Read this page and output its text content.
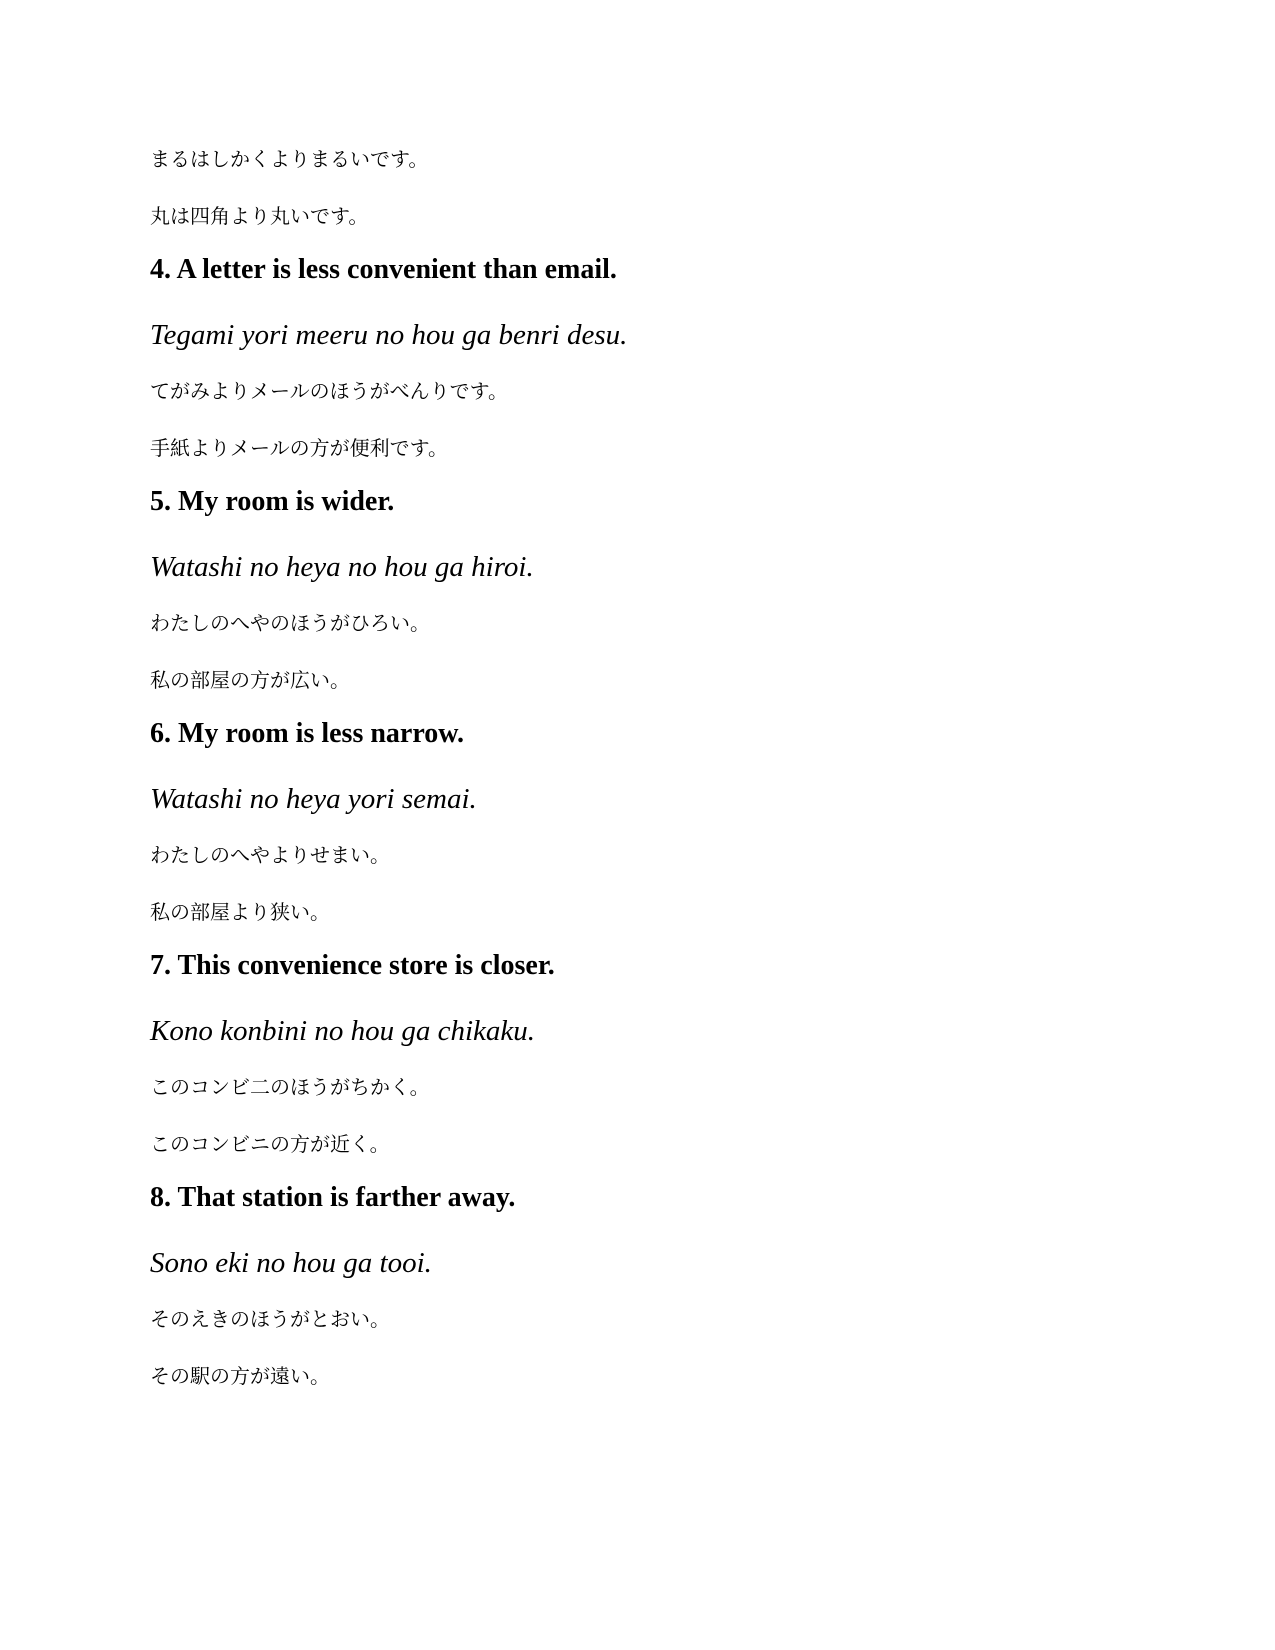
まるはしかくよりまるいです。
丸は四角より丸いです。
4. A letter is less convenient than email.
Tegami yori meeru no hou ga benri desu.
てがみよりメールのほうがべんりです。
手紙よりメールの方が便利です。
5. My room is wider.
Watashi no heya no hou ga hiroi.
わたしのへやのほうがひろい。
私の部屋の方が広い。
6. My room is less narrow.
Watashi no heya yori semai.
わたしのへやよりせまい。
私の部屋より狭い。
7. This convenience store is closer.
Kono konbini no hou ga chikaku.
このコンビ二のほうがちかく。
このコンビニの方が近く。
8. That station is farther away.
Sono eki no hou ga tooi.
そのえきのほうがとおい。
その駅の方が遠い。
